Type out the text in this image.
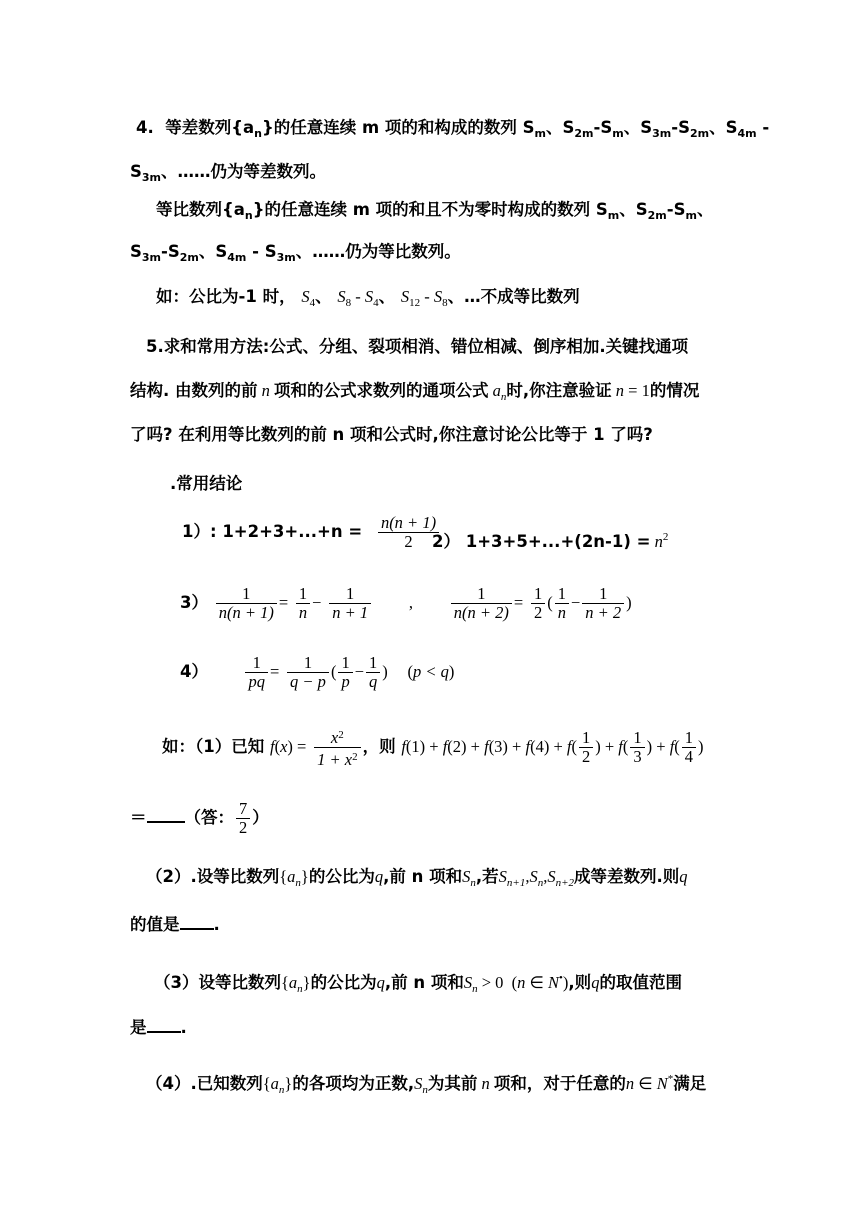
4. 等差数列$\{a_n\}$的任意连续 m 项的和构成的数列 $S_m$、$S_{2m}-S_m$、$S_{3m}-S_{2m}$、$S_{4m}$ -
$S_{3m}$、……仍为等差数列。
等比数列$\{a_n\}$的任意连续 m 项的和且不为零时构成的数列 $S_m$、$S_{2m}-S_m$、
$S_{3m}-S_{2m}$、$S_{4m} - S_{3m}$、……仍为等比数列。
如：公比为-1 时， $S_4$、 $S_8 - S_4$、 $S_{12} - S_8$、…不成等比数列
5.求和常用方法:公式、分组、裂项相消、错位相减、倒序相加.关键找通项
结构. 由数列的前 n 项和的公式求数列的通项公式 $a_n$时,你注意验证 n = 1的情况
了吗? 在利用等比数列的前 n 项和公式时,你注意讨论公比等于 1 了吗?
.常用结论
1）: $1+2+3+...+n = \frac{n(n + 1)}{2}$
2） $1+3+5+...+(2n-1) = n^2$
$3) \frac{1}{n(n + 1)} = \frac{1}{n} - \frac{1}{n + 1}$ , $\frac{1}{n(n + 2)} = \frac{1}{2}$ ( $\frac{1}{n} - \frac{1}{n + 2}$ )
$4) \frac{1}{pq} = \frac{1}{q - p}$ ( $\frac{1}{p} - \frac{1}{q}$ ) (p < q)
如：（1）已知 $f(x) = \frac{x^2}{1 + x^2}$ ，则 $f(1) + f(2) + f(3) + f(4) + f( \frac{1}{2}$ ) + $f( \frac{1}{3}$ ) + $f( \frac{1}{4}$ )
＝ （答： $\frac{7}{2}$ ）
（2）.设等比数列$\{a_n\}$的公比为q,前 n 项和$S_n$,若$S_{n+1},S_n,S_{n+2}$成等差数列.则q
的值是 .
（3）设等比数列$\{a_n\}$的公比为q,前 n 项和$S_n > 0$  (n ∈ N•),则q的取值范围
是 .
（4）.已知数列$\{a_n\}$的各项均为正数$,S_n$为其前 n 项和，对于任意的n ∈ N*满足
